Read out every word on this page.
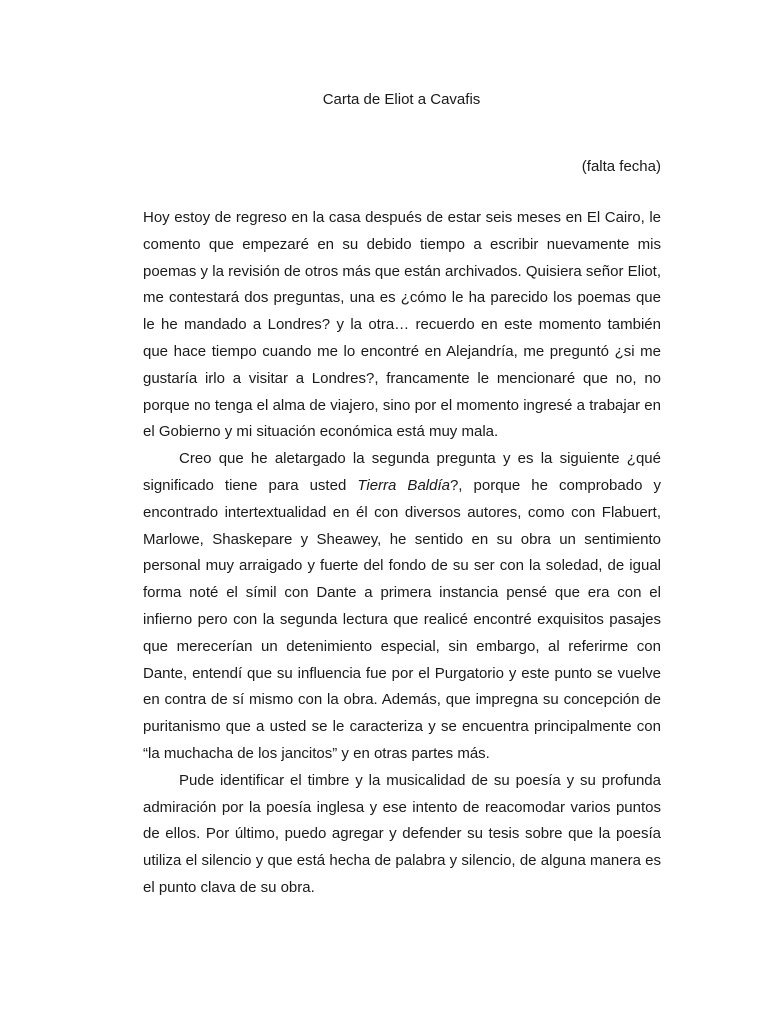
Carta de Eliot a Cavafis
(falta fecha)

Hoy estoy de regreso en la casa después de estar seis meses en El Cairo, le comento que empezaré en su debido tiempo a escribir nuevamente mis poemas y la revisión de otros más que están archivados. Quisiera señor Eliot, me contestará dos preguntas, una es ¿cómo le ha parecido los poemas que le he mandado a Londres? y la otra… recuerdo en este momento también que hace tiempo cuando me lo encontré en Alejandría, me preguntó ¿si me gustaría irlo a visitar a Londres?, francamente le mencionaré que no, no porque no tenga el alma de viajero, sino por el momento ingresé a trabajar en el Gobierno y mi situación económica está muy mala.

Creo que he aletargado la segunda pregunta y es la siguiente ¿qué significado tiene para usted Tierra Baldía?, porque he comprobado y encontrado intertextualidad en él con diversos autores, como con Flabuert, Marlowe, Shaskepare y Sheawey, he sentido en su obra un sentimiento personal muy arraigado y fuerte del fondo de su ser con la soledad, de igual forma noté el símil con Dante a primera instancia pensé que era con el infierno pero con la segunda lectura que realicé encontré exquisitos pasajes que merecerían un detenimiento especial, sin embargo, al referirme con Dante, entendí que su influencia fue por el Purgatorio y este punto se vuelve en contra de sí mismo con la obra. Además, que impregna su concepción de puritanismo que a usted se le caracteriza y se encuentra principalmente con “la muchacha de los jancitos” y en otras partes más.

Pude identificar el timbre y la musicalidad de su poesía y su profunda admiración por la poesía inglesa y ese intento de reacomodar varios puntos de ellos. Por último, puedo agregar y defender su tesis sobre que la poesía utiliza el silencio y que está hecha de palabra y silencio, de alguna manera es el punto clava de su obra.
